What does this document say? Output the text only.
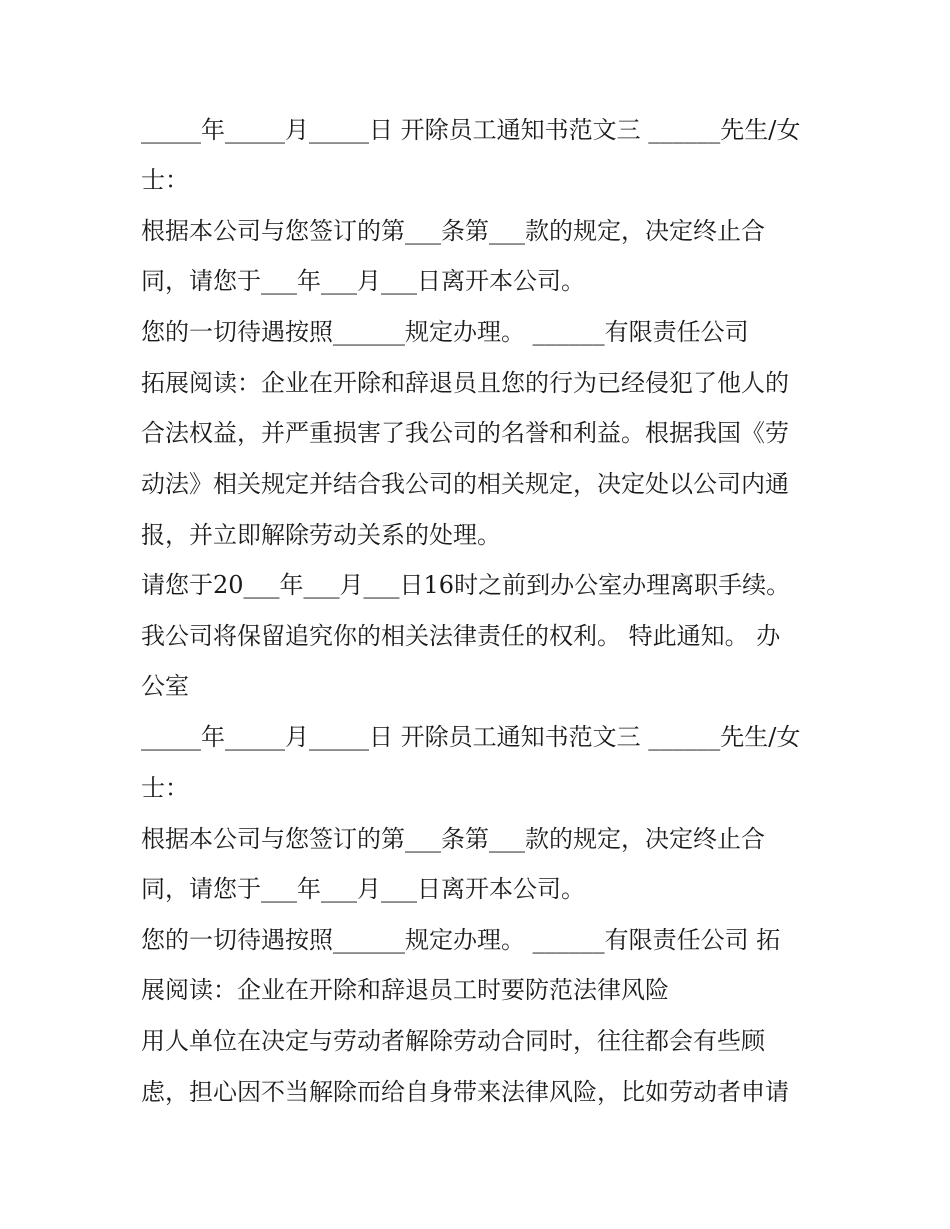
_____年_____月_____日 开除员工通知书范文三 ______先生/女
士：
根据本公司与您签订的第___条第___款的规定，决定终止合
同，请您于___年___月___日离开本公司。
您的一切待遇按照______规定办理。 ______有限责任公司
拓展阅读：企业在开除和辞退员且您的行为已经侵犯了他人的
合法权益，并严重损害了我公司的名誉和利益。根据我国《劳
动法》相关规定并结合我公司的相关规定，决定处以公司内通
报，并立即解除劳动关系的处理。
请您于20___年___月___日16时之前到办公室办理离职手续。
我公司将保留追究你的相关法律责任的权利。 特此通知。 办
公室
_____年_____月_____日 开除员工通知书范文三 ______先生/女
士：
根据本公司与您签订的第___条第___款的规定，决定终止合
同，请您于___年___月___日离开本公司。
您的一切待遇按照______规定办理。 ______有限责任公司 拓
展阅读：企业在开除和辞退员工时要防范法律风险
用人单位在决定与劳动者解除劳动合同时，往往都会有些顾
虑，担心因不当解除而给自身带来法律风险，比如劳动者申请
